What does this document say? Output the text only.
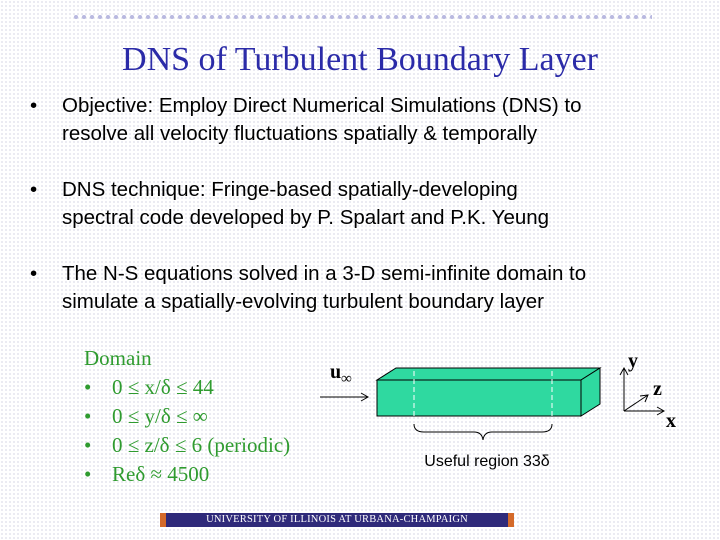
DNS of Turbulent Boundary Layer
• Objective: Employ Direct Numerical Simulations (DNS) to
resolve all velocity fluctuations spatially & temporally
• DNS technique: Fringe-based spatially-developing
spectral code developed by P. Spalart and P.K. Yeung
• The N-S equations solved in a 3-D semi-infinite domain to
simulate a spatially-evolving turbulent boundary layer
Domain
• 0 ≤ x/δ ≤ 44
• 0 ≤ y/δ ≤ ∞
• 0 ≤ z/δ ≤ 6 (periodic)
• Reδ ≈ 4500
$u_\infty$
Useful region 33δ
y
z
x
UNIVERSITY OF ILLINOIS AT URBANA-CHAMPAIGN
